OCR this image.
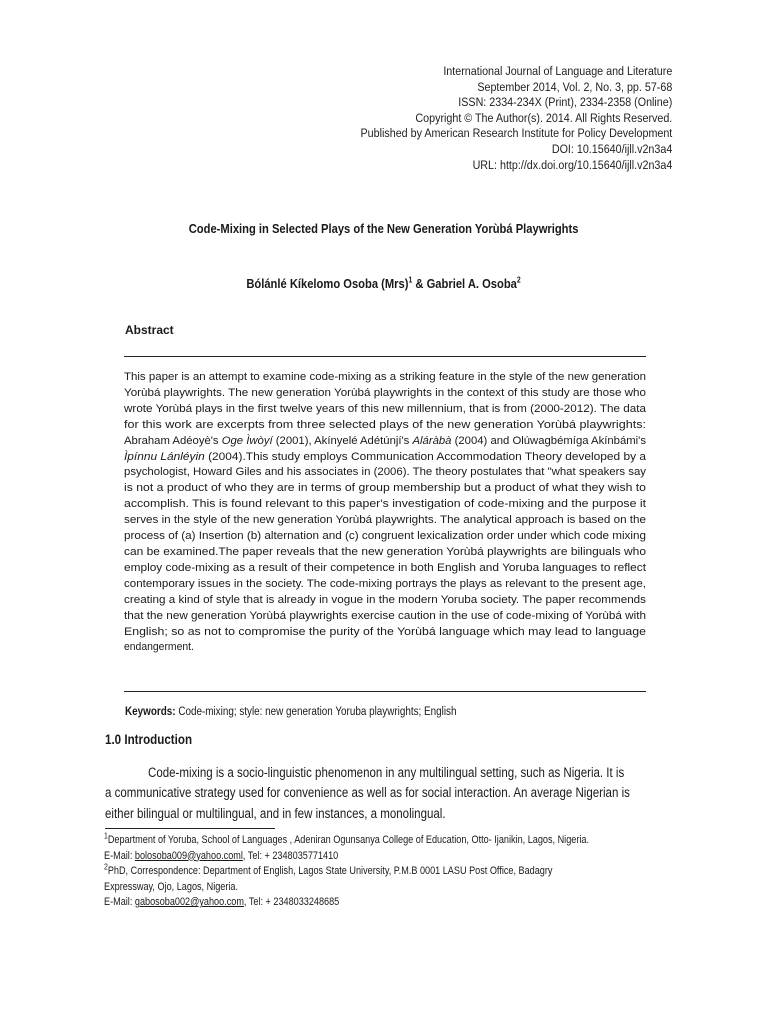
International Journal of Language and Literature
September 2014, Vol. 2, No. 3, pp. 57-68
ISSN: 2334-234X (Print), 2334-2358 (Online)
Copyright © The Author(s). 2014. All Rights Reserved.
Published by American Research Institute for Policy Development
DOI: 10.15640/ijll.v2n3a4
URL: http://dx.doi.org/10.15640/ijll.v2n3a4
Code-Mixing in Selected Plays of the New Generation Yorùbá Playwrights
Bólánlé Kíkelomo Osoba (Mrs)$^1$ & Gabriel A. Osoba$^2$
Abstract
This paper is an attempt to examine code-mixing as a striking feature in the style of the new generation
Yorùbá playwrights. The new generation Yorùbá playwrights in the context of this study are those who
wrote Yorùbá plays in the first twelve years of this new millennium, that is from (2000-2012). The data
for this work are excerpts from three selected plays of the new generation Yorùbá playwrights:
Abraham Adéoyè's Oge Ìwòyí (2001), Akínyelé Adétúnjí's Aláràbà (2004) and Olúwagbémíga Akínbámi's
Ìpínnu Lánléyin (2004).This study employs Communication Accommodation Theory developed by a
psychologist, Howard Giles and his associates in (2006). The theory postulates that "what speakers say
is not a product of who they are in terms of group membership but a product of what they wish to
accomplish. This is found relevant to this paper's investigation of code-mixing and the purpose it
serves in the style of the new generation Yorùbá playwrights. The analytical approach is based on the
process of (a) Insertion (b) alternation and (c) congruent lexicalization order under which code mixing
can be examined.The paper reveals that the new generation Yorùbá playwrights are bilinguals who
employ code-mixing as a result of their competence in both English and Yoruba languages to reflect
contemporary issues in the society. The code-mixing portrays the plays as relevant to the present age,
creating a kind of style that is already in vogue in the modern Yoruba society. The paper recommends
that the new generation Yorùbá playwrights exercise caution in the use of code-mixing of Yorùbá with
English; so as not to compromise the purity of the Yorùbá language which may lead to language
endangerment.
Keywords: Code-mixing; style: new generation Yoruba playwrights; English
1.0 Introduction
Code-mixing is a socio-linguistic phenomenon in any multilingual setting, such as Nigeria. It is
a communicative strategy used for convenience as well as for social interaction. An average Nigerian is
either bilingual or multilingual, and in few instances, a monolingual.
$^1$Department of Yoruba, School of Languages , Adeniran Ogunsanya College of Education, Otto- Ijanikin, Lagos, Nigeria.
E-Mail: bolosoba009@yahoo.coml, Tel: + 2348035771410
$^2$PhD, Correspondence: Department of English, Lagos State University, P.M.B 0001 LASU Post Office, Badagry
Expressway, Ojo, Lagos, Nigeria.
E-Mail: gabosoba002@yahoo.com, Tel: + 2348033248685
